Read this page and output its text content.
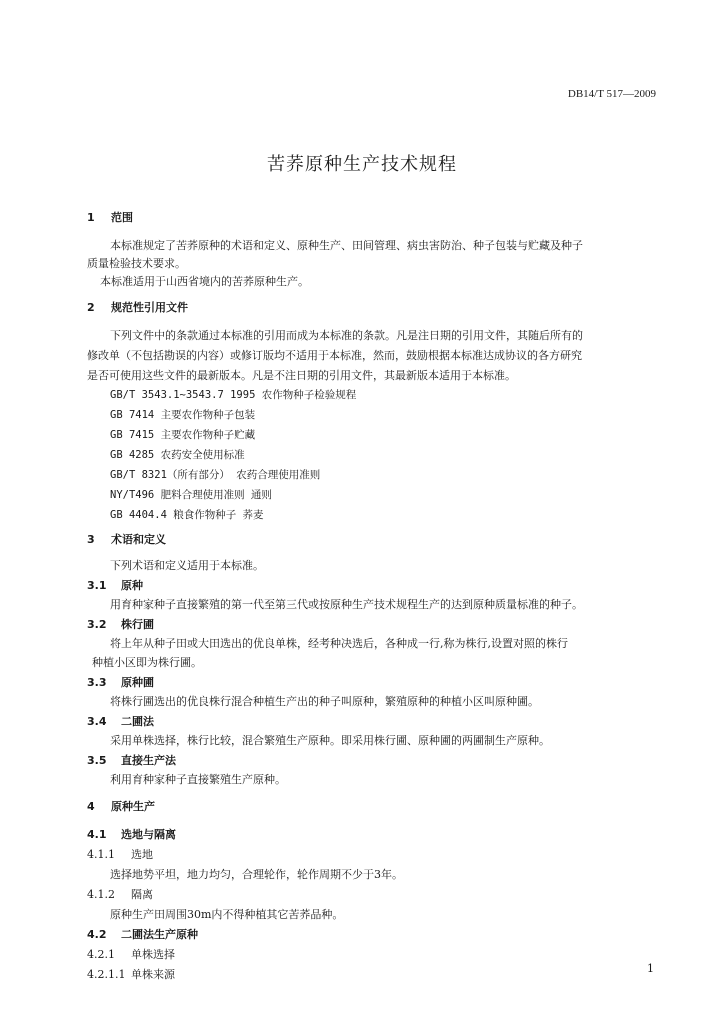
DB14/T 517—2009
苦荞原种生产技术规程
1 范围
本标准规定了苦荞原种的术语和定义、原种生产、田间管理、病虫害防治、种子包装与贮藏及种子
质量检验技术要求。
本标准适用于山西省境内的苦荞原种生产。
2 规范性引用文件
下列文件中的条款通过本标准的引用而成为本标准的条款。凡是注日期的引用文件，其随后所有的
修改单（不包括勘误的内容）或修订版均不适用于本标准，然而，鼓励根据本标准达成协议的各方研究
是否可使用这些文件的最新版本。凡是不注日期的引用文件，其最新版本适用于本标准。
GB/T 3543.1~3543.7 1995 农作物种子检验规程
GB 7414 主要农作物种子包装
GB 7415 主要农作物种子贮藏
GB 4285 农药安全使用标准
GB/T 8321（所有部分） 农药合理使用准则
NY/T496 肥料合理使用准则 通则
GB 4404.4 粮食作物种子 荞麦
3 术语和定义
下列术语和定义适用于本标准。
3.1 原种
用育种家种子直接繁殖的第一代至第三代或按原种生产技术规程生产的达到原种质量标准的种子。
3.2 株行圃
将上年从种子田或大田选出的优良单株，经考种决选后，各种成一行,称为株行,设置对照的株行
种植小区即为株行圃。
3.3 原种圃
将株行圃选出的优良株行混合种植生产出的种子叫原种，繁殖原种的种植小区叫原种圃。
3.4 二圃法
采用单株选择，株行比较，混合繁殖生产原种。即采用株行圃、原种圃的两圃制生产原种。
3.5 直接生产法
利用育种家种子直接繁殖生产原种。
4 原种生产
4.1 选地与隔离
4.1.1 选地
选择地势平坦，地力均匀，合理轮作，轮作周期不少于3年。
4.1.2 隔离
原种生产田周围30m内不得种植其它苦荞品种。
4.2 二圃法生产原种
4.2.1 单株选择
4.2.1.1 单株来源	1
